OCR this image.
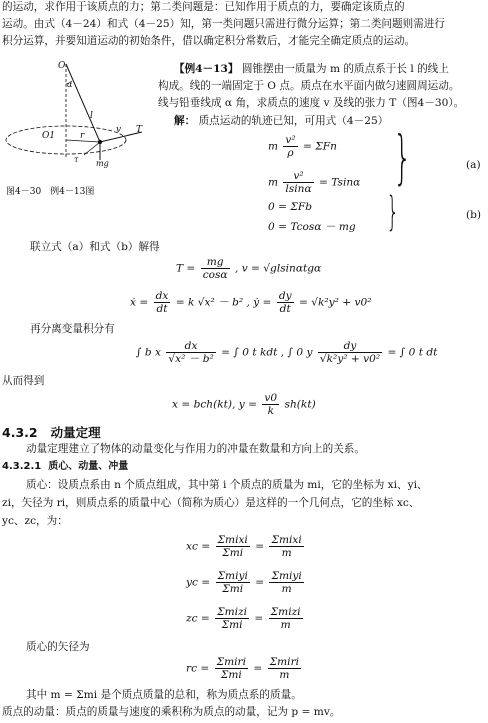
的运动，求作用于该质点的力；第二类问题是：已知作用于质点的力，要确定该质点的
运动。由式（4－24）和式（4－25）知，第一类问题只需进行微分运算；第二类问题则需进行
积分运算，并要知道运动的初始条件，借以确定积分常数后，才能完全确定质点的运动。
O
α
O1	r
l
T
v
τ mg
图4－30　例4－13图
【例4－13】 圆锥摆由一质量为 m 的质点系于长 l 的线上
构成。线的一端固定于 O 点。质点在水平面内做匀速圆周运动。
线与铅垂线成 α 角，求质点的速度 v 及线的张力 T（图4－30）。
解： 质点运动的轨迹已知，可用式（4－25）
m $\frac{\text{v²}}{\rho} = \Sigma Fn$
m $\frac{\text{v²}}{lsin\alpha} = Tsin\alpha$ }	(a)
0 = ΣFb
0 = Tcosα － mg }	(b)
联立式（a）和式（b）解得
$T = \frac{mg}{\cos\alpha}$ , v = √glsinαtgα
ẋ = $\frac{dx}{dt} = k$ √x² － b² , ẏ = $\frac{dy}{dt} = √k^2y^2 + v0^2$
再分离变量积分有
∫ b x $\frac{dx}{\text{√x² － b²}}$ = ∫ 0 t kdt , ∫ 0 y $\frac{dy}{\text{√k²y² + v0²}}$ = ∫ 0 t dt
从而得到
x = bch(kt), $y = \frac{v0}{k} sh(kt)$
4.3.2 动量定理
动量定理建立了物体的动量变化与作用力的冲量在数量和方向上的关系。
4.3.2.1 质心、动量、冲量
质心：设质点系由 n 个质点组成，其中第 i 个质点的质量为 mi，它的坐标为 xi、yi、
zi，矢径为 ri，则质点系的质量中心（简称为质心）是这样的一个几何点，它的坐标 xc、
yc、zc，为：
xc = $\frac{\text{Σmixi}}{\text{Σmi}} = \frac{\text{Σmixi}}{m}$
yc = $\frac{\text{Σmiyi}}{\text{Σmi}} = \frac{\text{Σmiyi}}{m}$
zc = $\frac{\text{Σmizi}}{\text{Σmi}} = \frac{\text{Σmizi}}{m}$
质心的矢径为
rc = $\frac{\text{Σmiri}}{\text{Σmi}} = \frac{\text{Σmiri}}{m}$
其中 m = Σmi 是个质点质量的总和，称为质点系的质量。
质点的动量：质点的质量与速度的乘积称为质点的动量，记为 p = mv。
